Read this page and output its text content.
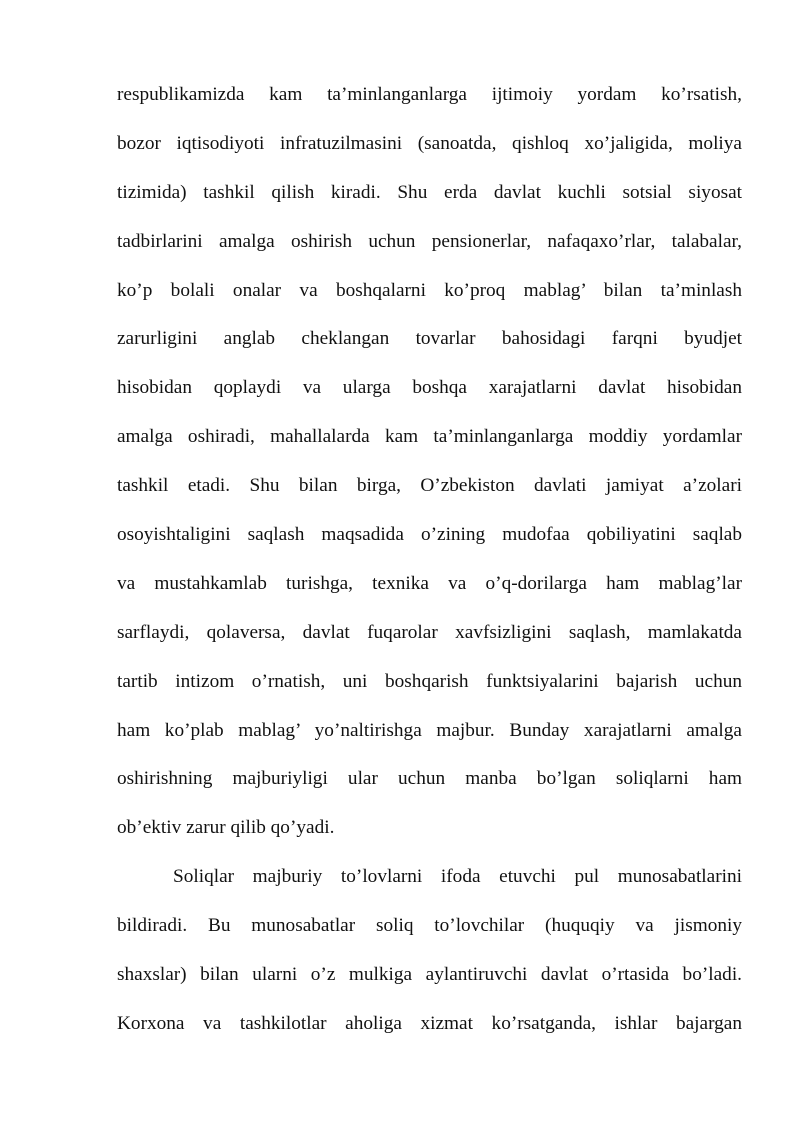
respublikamizda kam ta’minlanganlarga ijtimoiy yordam ko’rsatish,
bozor iqtisodiyoti infratuzilmasini (sanoatda, qishloq xo’jaligida, moliya
tizimida) tashkil qilish kiradi. Shu erda davlat kuchli sotsial siyosat
tadbirlarini amalga oshirish uchun pensionerlar, nafaqaxo’rlar, talabalar,
ko’p bolali onalar va boshqalarni ko’proq mablag’ bilan ta’minlash
zarurligini anglab cheklangan tovarlar bahosidagi farqni byudjet
hisobidan qoplaydi va ularga boshqa xarajatlarni davlat hisobidan
amalga oshiradi, mahallalarda kam ta’minlanganlarga moddiy yordamlar
tashkil etadi. Shu bilan birga, O’zbekiston davlati jamiyat a’zolari
osoyishtaligini saqlash maqsadida o’zining mudofaa qobiliyatini saqlab
va mustahkamlab turishga, texnika va o’q-dorilarga ham mablag’lar
sarflaydi, qolaversa, davlat fuqarolar xavfsizligini saqlash, mamlakatda
tartib intizom o’rnatish, uni boshqarish funktsiyalarini bajarish uchun
ham ko’plab mablag’ yo’naltirishga majbur. Bunday xarajatlarni amalga
oshirishning majburiyligi ular uchun manba bo’lgan soliqlarni ham
ob’ektiv zarur qilib qo’yadi.
Soliqlar majburiy to’lovlarni ifoda etuvchi pul munosabatlarini
bildiradi. Bu munosabatlar soliq to’lovchilar (huquqiy va jismoniy
shaxslar) bilan ularni o’z mulkiga aylantiruvchi davlat o’rtasida bo’ladi.
Korxona va tashkilotlar aholiga xizmat ko’rsatganda, ishlar bajargan
